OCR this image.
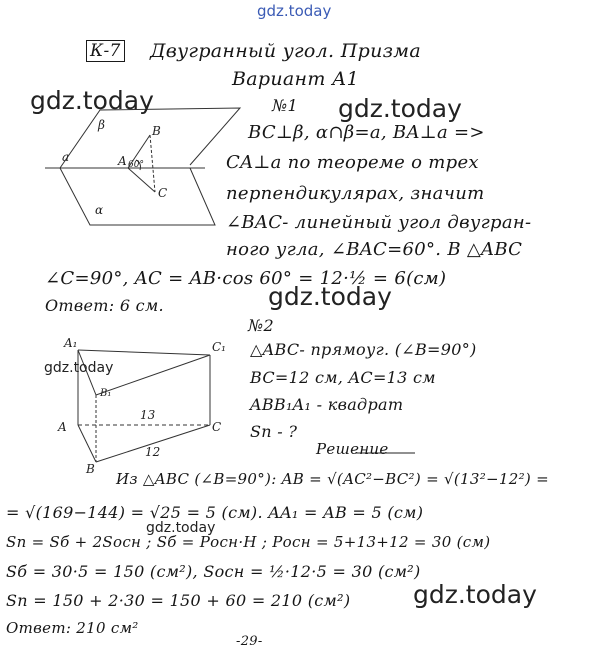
β
α
a	A
B
C
60°
A₁	C₁
B₁
A
B
C
13
12
К-7 Двугранный угол. Призма
Вариант А1
№1
BC⊥β, α∩β=a, BA⊥a =>
CA⊥a по теореме о трех
перпендикулярах, значит
∠BAC- линейный угол двугран-
ного угла, ∠BAC=60°. В △ABC
∠C=90°, AC = AB·cos 60° = 12·½ = 6(см)
Ответ: 6 см.
№2
△ABC- прямоуг. (∠B=90°)
BC=12 см, AC=13 см
ABB₁A₁ - квадрат
Sп - ?
Решение
Из △ABC (∠B=90°): AB = √(AC²−BC²) = √(13²−12²) =
= √(169−144) = √25 = 5 (см). AA₁ = AB = 5 (см)
Sп = Sб + 2Sосн ; Sб = Pосн·H ; Pосн = 5+13+12 = 30 (см)
Sб = 30·5 = 150 (см²), Sосн = ½·12·5 = 30 (см²)
Sп = 150 + 2·30 = 150 + 60 = 210 (см²)
Ответ: 210 см²
-29-
gdz.today
gdz.today	gdz.today
gdz.today
gdz.today
gdz.today
gdz.today
